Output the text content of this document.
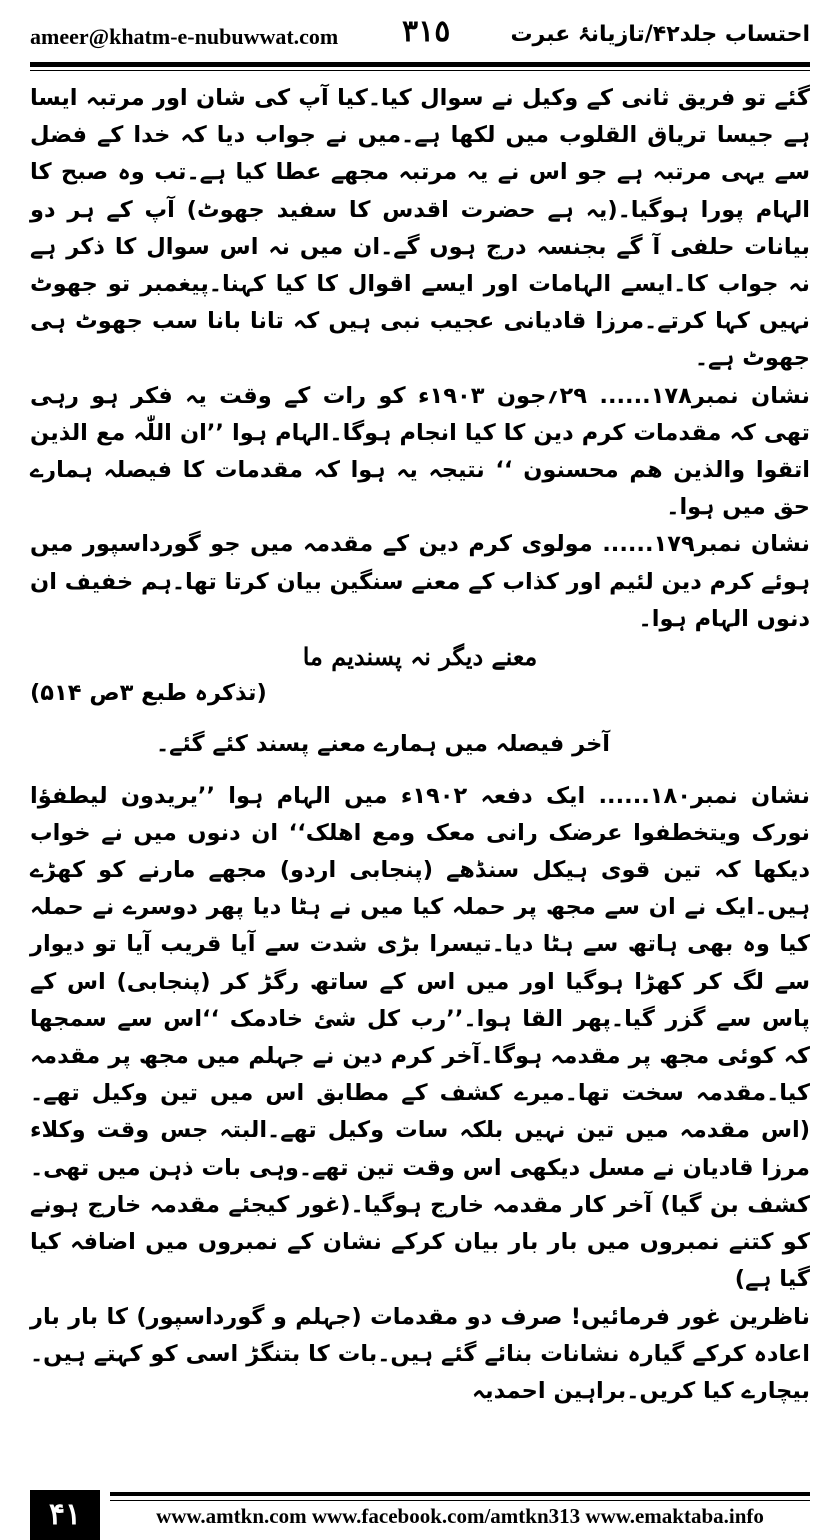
ameer@khatm-e-nubuwwat.com ٣١٥	احتساب جلد۴۲/تازیانۂ عبرت

گئے تو فریق ثانی کے وکیل نے سوال کیا۔کیا آپ کی شان اور مرتبہ ایسا ہے جیسا تریاق القلوب میں لکھا ہے۔میں نے جواب دیا کہ خدا کے فضل سے یہی مرتبہ ہے جو اس نے یہ مرتبہ مجھے عطا کیا ہے۔تب وہ صبح کا الہام پورا ہوگیا۔(یہ ہے حضرت اقدس کا سفید جھوٹ) آپ کے ہر دو بیانات حلفی آ گے بجنسہ درج ہوں گے۔ان میں نہ اس سوال کا ذکر ہے نہ جواب کا۔ایسے الہامات اور ایسے اقوال کا کیا کہنا۔پیغمبر تو جھوٹ نہیں کہا کرتے۔مرزا قادیانی عجیب نبی ہیں کہ تانا بانا سب جھوٹ ہی جھوٹ ہے۔

نشان نمبر۱۷۸...... ۲۹؍جون ۱۹۰۳ء کو رات کے وقت یہ فکر ہو رہی تھی کہ مقدمات کرم دین کا کیا انجام ہوگا۔الہام ہوا ’’ان اللّٰہ مع الذین اتقوا والذین ھم محسنون ‘‘ نتیجہ یہ ہوا کہ مقدمات کا فیصلہ ہمارے حق میں ہوا۔

نشان نمبر۱۷۹...... مولوی کرم دین کے مقدمہ میں جو گورداسپور میں ہوئے کرم دین لئیم اور کذاب کے معنے سنگین بیان کرتا تھا۔ہم خفیف ان دنوں الہام ہوا۔

معنے دیگر نہ پسندیم ما

(تذکرہ طبع ۳ص ۵۱۴)

آخر فیصلہ میں ہمارے معنے پسند کئے گئے۔

نشان نمبر۱۸۰...... ایک دفعہ ۱۹۰۲ء میں الہام ہوا ’’یریدون لیطفؤا نورک ویتخطفوا عرضک رانی معک ومع اھلک‘‘ ان دنوں میں نے خواب دیکھا کہ تین قوی ہیکل سنڈھے (پنجابی اردو) مجھے مارنے کو کھڑے ہیں۔ایک نے ان سے مجھ پر حملہ کیا میں نے ہٹا دیا پھر دوسرے نے حملہ کیا وہ بھی ہاتھ سے ہٹا دیا۔تیسرا بڑی شدت سے آیا قریب آیا تو دیوار سے لگ کر کھڑا ہوگیا اور میں اس کے ساتھ رگڑ کر (پنجابی) اس کے پاس سے گزر گیا۔پھر القا ہوا۔’’رب کل شئ خادمک ‘‘اس سے سمجھا کہ کوئی مجھ پر مقدمہ ہوگا۔آخر کرم دین نے جہلم میں مجھ پر مقدمہ کیا۔مقدمہ سخت تھا۔میرے کشف کے مطابق اس میں تین وکیل تھے۔(اس مقدمہ میں تین نہیں بلکہ سات وکیل تھے۔البتہ جس وقت وکلاء مرزا قادیان نے مسل دیکھی اس وقت تین تھے۔وہی بات ذہن میں تھی۔کشف بن گیا) آخر کار مقدمہ خارج ہوگیا۔(غور کیجئے مقدمہ خارج ہونے کو کتنے نمبروں میں بار بار بیان کرکے نشان کے نمبروں میں اضافہ کیا گیا ہے)

ناظرین غور فرمائیں! صرف دو مقدمات (جہلم و گورداسپور) کا بار بار اعادہ کرکے گیارہ نشانات بنائے گئے ہیں۔بات کا بتنگڑ اسی کو کہتے ہیں۔بیچارے کیا کریں۔براہین احمدیہ

۴۱	www.amtkn.com www.facebook.com/amtkn313 www.emaktaba.info
